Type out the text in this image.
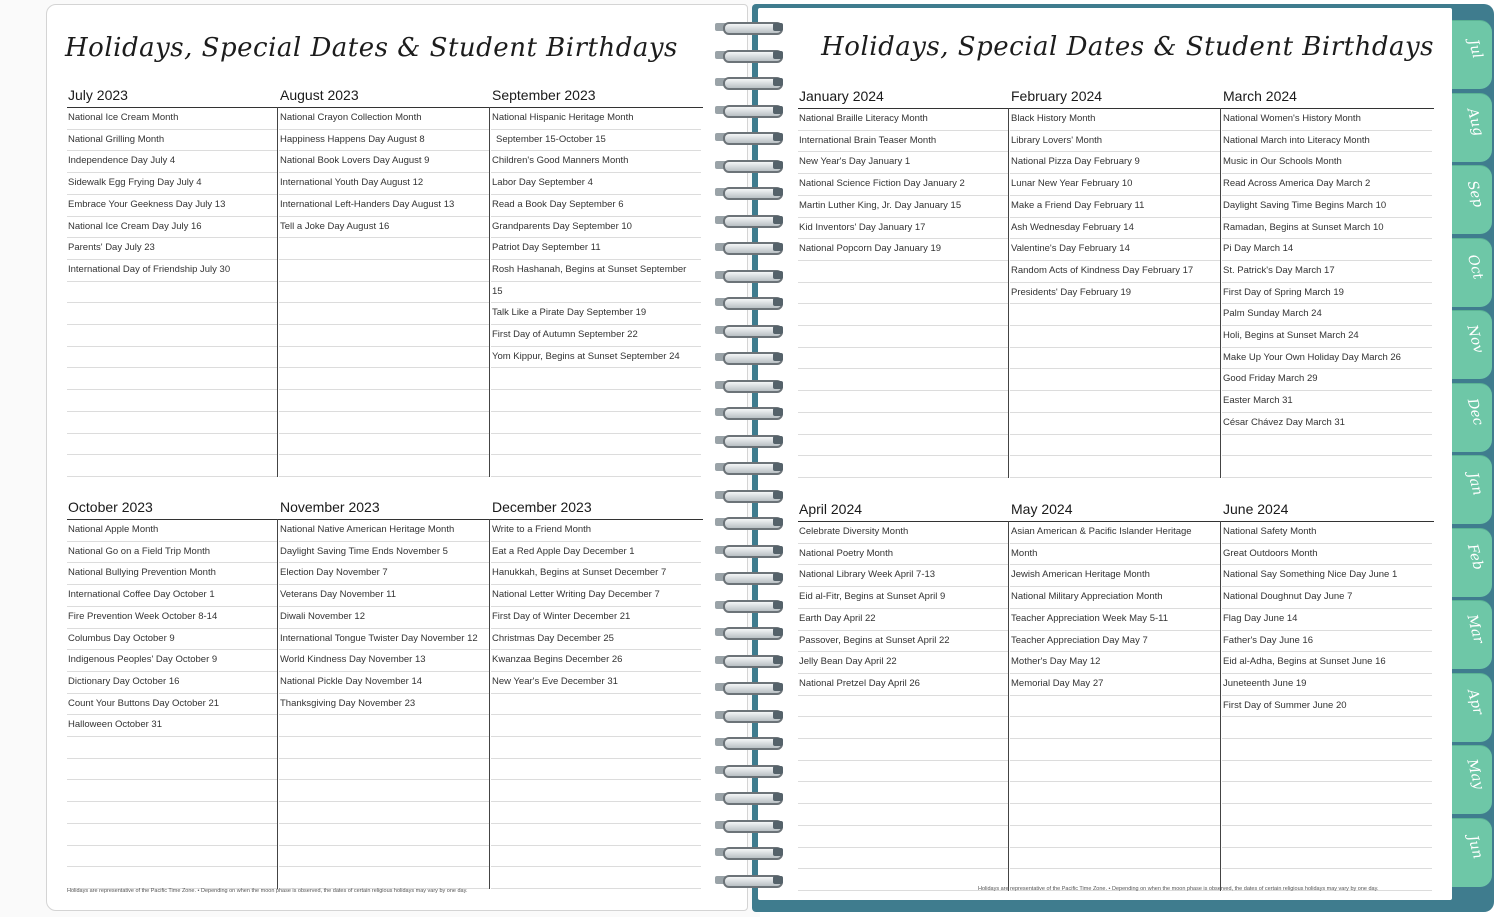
Holidays, Special Dates & Student Birthdays
July 2023
National Ice Cream Month
National Grilling Month
Independence Day July 4
Sidewalk Egg Frying Day July 4
Embrace Your Geekness Day July 13
National Ice Cream Day July 16
Parents' Day July 23
International Day of Friendship July 30
August 2023
National Crayon Collection Month
Happiness Happens Day August 8
National Book Lovers Day August 9
International Youth Day August 12
International Left-Handers Day August 13
Tell a Joke Day August 16
September 2023
National Hispanic Heritage Month
September 15-October 15
Children's Good Manners Month
Labor Day September 4
Read a Book Day September 6
Grandparents Day September 10
Patriot Day September 11
Rosh Hashanah, Begins at Sunset September
15
Talk Like a Pirate Day September 19
First Day of Autumn September 22
Yom Kippur, Begins at Sunset September 24
October 2023
National Apple Month
National Go on a Field Trip Month
National Bullying Prevention Month
International Coffee Day October 1
Fire Prevention Week October 8-14
Columbus Day October 9
Indigenous Peoples' Day October 9
Dictionary Day October 16
Count Your Buttons Day October 21
Halloween October 31
November 2023
National Native American Heritage Month
Daylight Saving Time Ends November 5
Election Day November 7
Veterans Day November 11
Diwali November 12
International Tongue Twister Day November 12
World Kindness Day November 13
National Pickle Day November 14
Thanksgiving Day November 23
December 2023
Write to a Friend Month
Eat a Red Apple Day December 1
Hanukkah, Begins at Sunset December 7
National Letter Writing Day December 7
First Day of Winter December 21
Christmas Day December 25
Kwanzaa Begins December 26
New Year's Eve December 31
Holidays are representative of the Pacific Time Zone. • Depending on when the moon phase is observed, the dates of certain religious holidays may vary by one day.
Holidays, Special Dates & Student Birthdays
January 2024
National Braille Literacy Month
International Brain Teaser Month
New Year's Day January 1
National Science Fiction Day January 2
Martin Luther King, Jr. Day January 15
Kid Inventors' Day January 17
National Popcorn Day January 19
February 2024
Black History Month
Library Lovers' Month
National Pizza Day February 9
Lunar New Year February 10
Make a Friend Day February 11
Ash Wednesday February 14
Valentine's Day February 14
Random Acts of Kindness Day February 17
Presidents' Day February 19
March 2024
National Women's History Month
National March into Literacy Month
Music in Our Schools Month
Read Across America Day March 2
Daylight Saving Time Begins March 10
Ramadan, Begins at Sunset March 10
Pi Day March 14
St. Patrick's Day March 17
First Day of Spring March 19
Palm Sunday March 24
Holi, Begins at Sunset March 24
Make Up Your Own Holiday Day March 26
Good Friday March 29
Easter March 31
César Chávez Day March 31
April 2024
Celebrate Diversity Month
National Poetry Month
National Library Week April 7-13
Eid al-Fitr, Begins at Sunset April 9
Earth Day April 22
Passover, Begins at Sunset April 22
Jelly Bean Day April 22
National Pretzel Day April 26
May 2024
Asian American & Pacific Islander Heritage
Month
Jewish American Heritage Month
National Military Appreciation Month
Teacher Appreciation Week May 5-11
Teacher Appreciation Day May 7
Mother's Day May 12
Memorial Day May 27
June 2024
National Safety Month
Great Outdoors Month
National Say Something Nice Day June 1
National Doughnut Day June 7
Flag Day June 14
Father's Day June 16
Eid al-Adha, Begins at Sunset June 16
Juneteenth June 19
First Day of Summer June 20
Holidays are representative of the Pacific Time Zone. • Depending on when the moon phase is observed, the dates of certain religious holidays may vary by one day.
Jul
Aug
Sep
Oct
Nov
Dec
Jan
Feb
Mar
Apr
May
Jun
